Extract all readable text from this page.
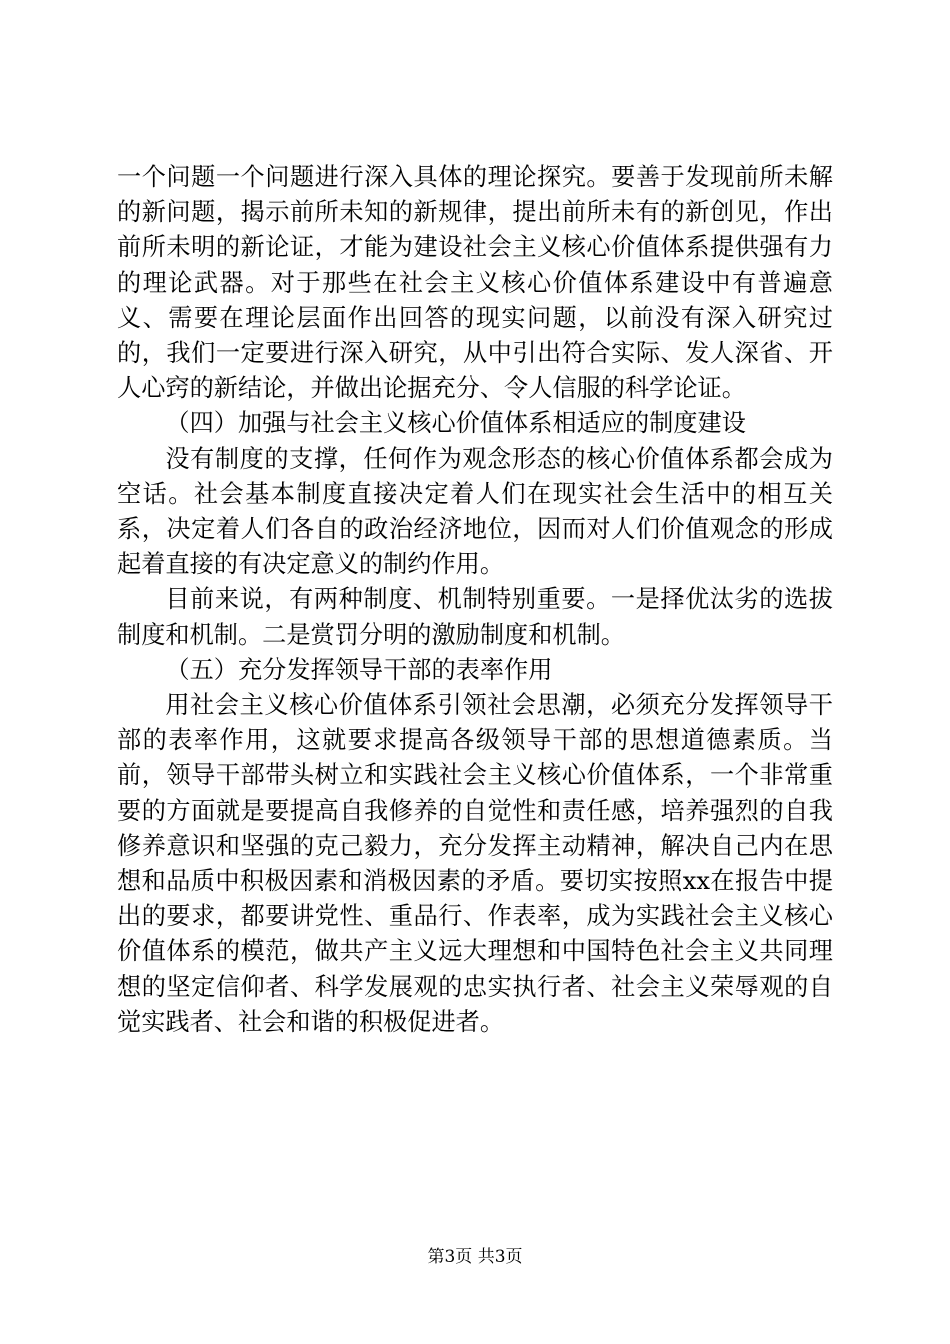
一个问题一个问题进行深入具体的理论探究。要善于发现前所未解的新问题，揭示前所未知的新规律，提出前所未有的新创见，作出前所未明的新论证，才能为建设社会主义核心价值体系提供强有力的理论武器。对于那些在社会主义核心价值体系建设中有普遍意义、需要在理论层面作出回答的现实问题，以前没有深入研究过的，我们一定要进行深入研究，从中引出符合实际、发人深省、开人心窍的新结论，并做出论据充分、令人信服的科学论证。

（四）加强与社会主义核心价值体系相适应的制度建设

没有制度的支撑，任何作为观念形态的核心价值体系都会成为空话。社会基本制度直接决定着人们在现实社会生活中的相互关系，决定着人们各自的政治经济地位，因而对人们价值观念的形成起着直接的有决定意义的制约作用。

目前来说，有两种制度、机制特别重要。一是择优汰劣的选拔制度和机制。二是赏罚分明的激励制度和机制。

（五）充分发挥领导干部的表率作用

用社会主义核心价值体系引领社会思潮，必须充分发挥领导干部的表率作用，这就要求提高各级领导干部的思想道德素质。当前，领导干部带头树立和实践社会主义核心价值体系，一个非常重要的方面就是要提高自我修养的自觉性和责任感，培养强烈的自我修养意识和坚强的克己毅力，充分发挥主动精神，解决自己内在思想和品质中积极因素和消极因素的矛盾。要切实按照xx在报告中提出的要求，都要讲党性、重品行、作表率，成为实践社会主义核心价值体系的模范，做共产主义远大理想和中国特色社会主义共同理想的坚定信仰者、科学发展观的忠实执行者、社会主义荣辱观的自觉实践者、社会和谐的积极促进者。

第3页 共3页
